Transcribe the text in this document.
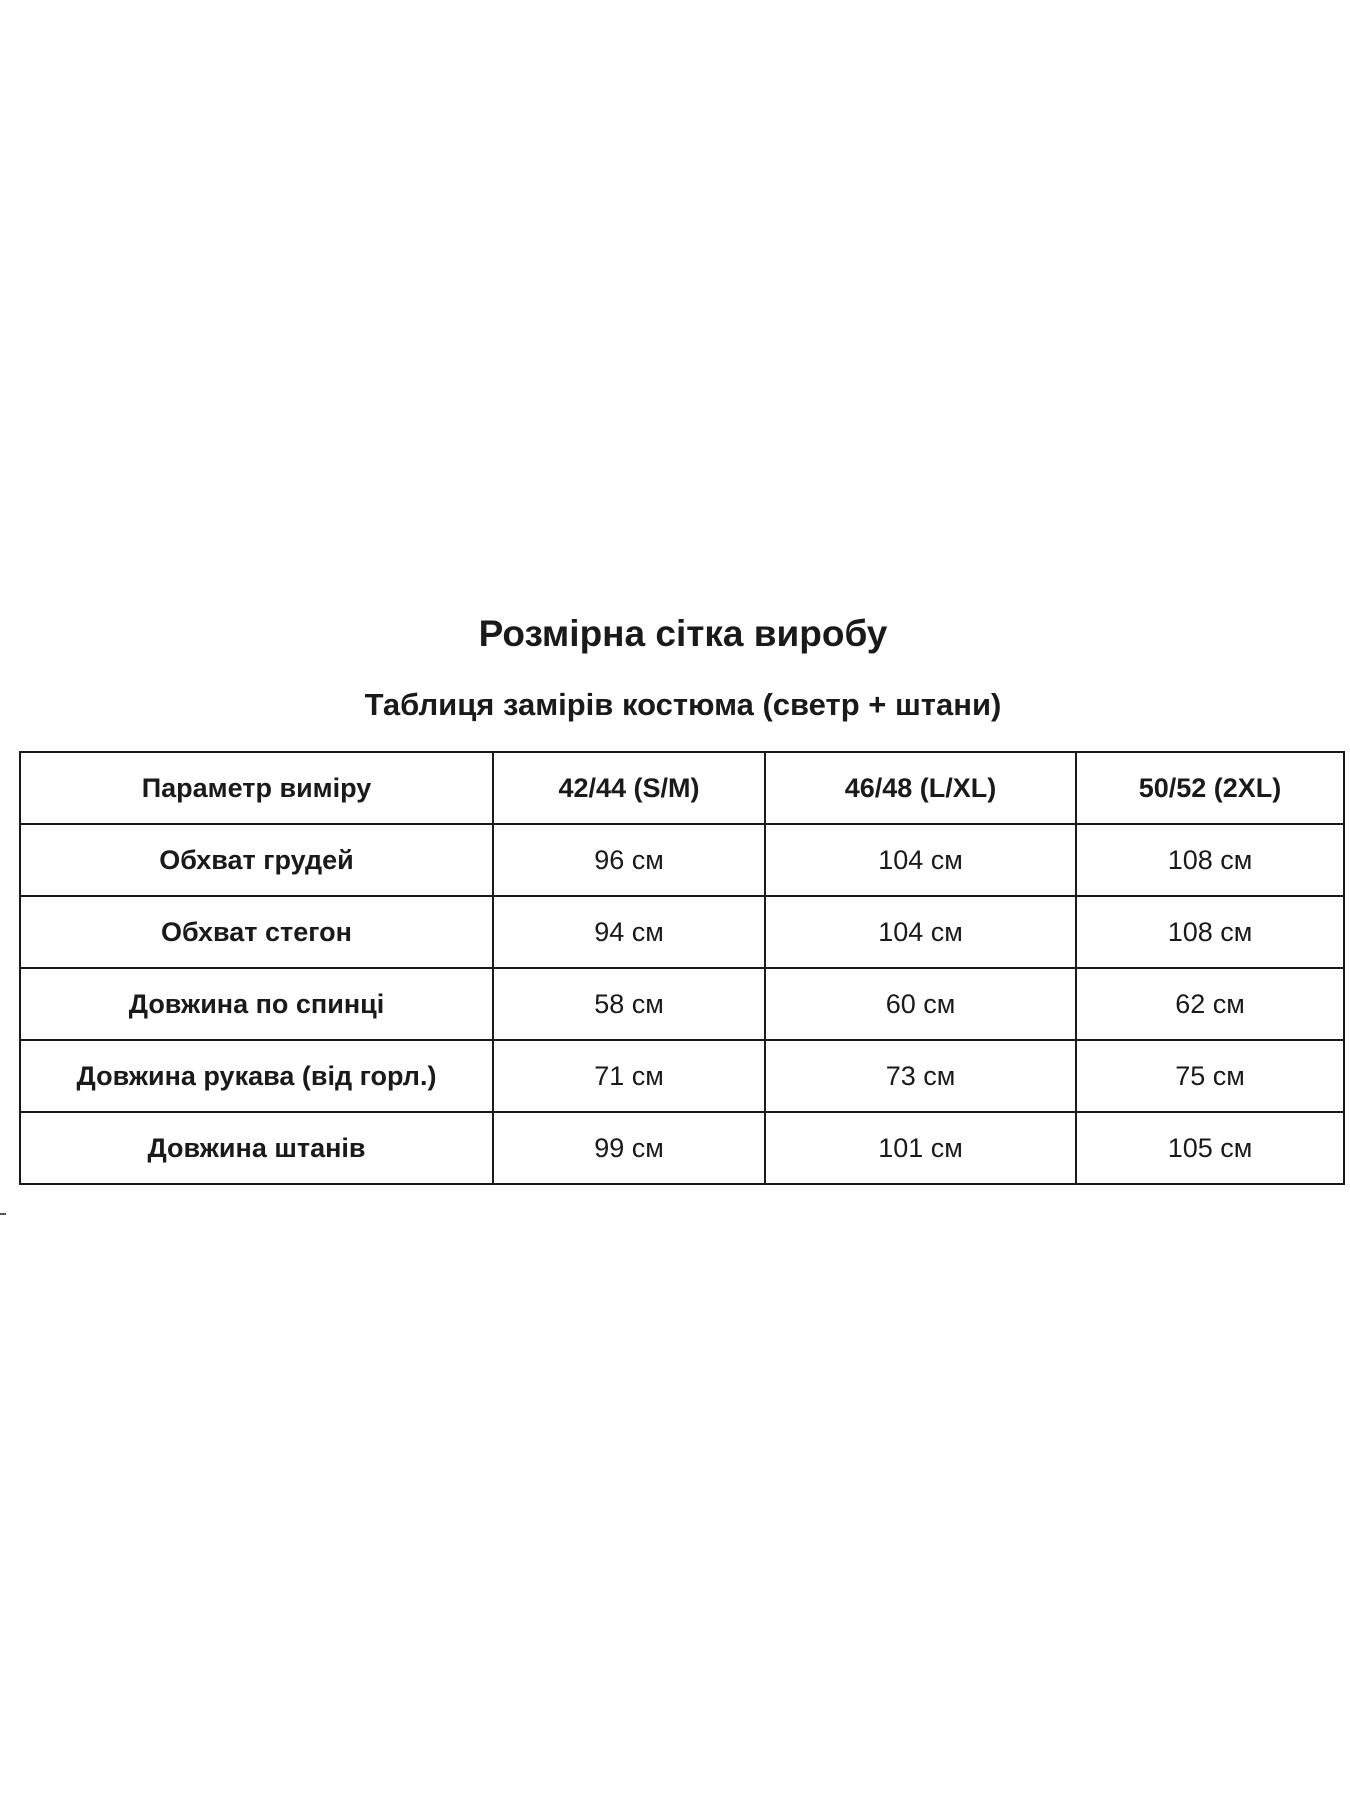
Розмірна сітка виробу
Таблиця замірів костюма (светр + штани)
Параметр виміру	42/44 (S/M)	46/48 (L/XL)	50/52 (2XL)
Обхват грудей	96 см	104 см	108 см
Обхват стегон	94 см	104 см	108 см
Довжина по спинці	58 см	60 см	62 см
Довжина рукава (від горл.)	71 см	73 см	75 см
Довжина штанів	99 см	101 см	105 см
